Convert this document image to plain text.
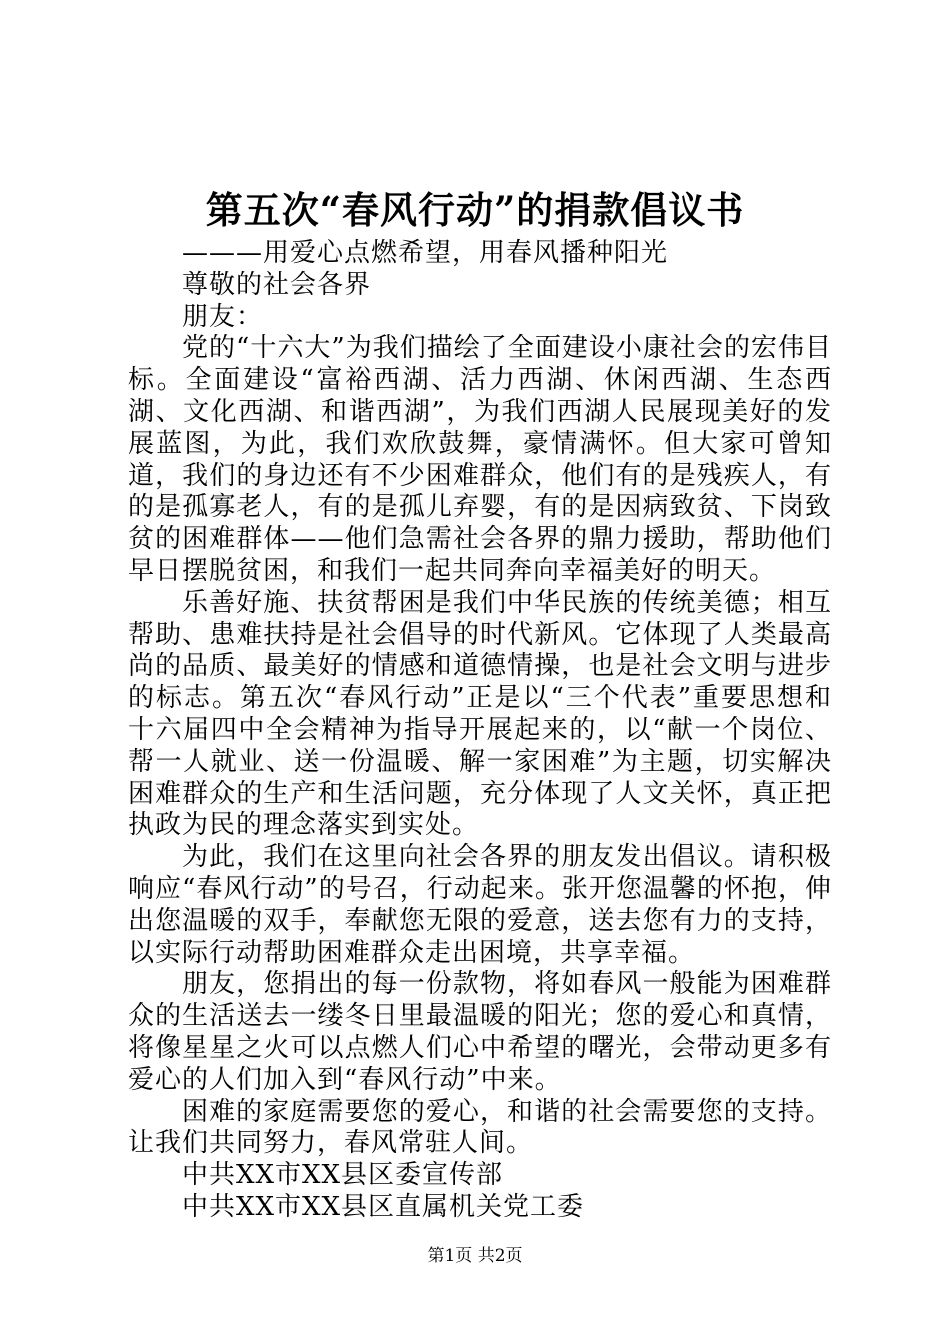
第五次“春风行动”的捐款倡议书

———用爱心点燃希望，用春风播种阳光

尊敬的社会各界

朋友：

党的“十六大”为我们描绘了全面建设小康社会的宏伟目标。全面建设“富裕西湖、活力西湖、休闲西湖、生态西湖、文化西湖、和谐西湖”，为我们西湖人民展现美好的发展蓝图，为此，我们欢欣鼓舞，豪情满怀。但大家可曾知道，我们的身边还有不少困难群众，他们有的是残疾人，有的是孤寡老人，有的是孤儿弃婴，有的是因病致贫、下岗致贫的困难群体——他们急需社会各界的鼎力援助，帮助他们早日摆脱贫困，和我们一起共同奔向幸福美好的明天。

乐善好施、扶贫帮困是我们中华民族的传统美德；相互帮助、患难扶持是社会倡导的时代新风。它体现了人类最高尚的品质、最美好的情感和道德情操，也是社会文明与进步的标志。第五次“春风行动”正是以“三个代表”重要思想和十六届四中全会精神为指导开展起来的，以“献一个岗位、帮一人就业、送一份温暖、解一家困难”为主题，切实解决困难群众的生产和生活问题，充分体现了人文关怀，真正把执政为民的理念落实到实处。

为此，我们在这里向社会各界的朋友发出倡议。请积极响应“春风行动”的号召，行动起来。张开您温馨的怀抱，伸出您温暖的双手，奉献您无限的爱意，送去您有力的支持，以实际行动帮助困难群众走出困境，共享幸福。

朋友，您捐出的每一份款物，将如春风一般能为困难群众的生活送去一缕冬日里最温暖的阳光；您的爱心和真情，将像星星之火可以点燃人们心中希望的曙光，会带动更多有爱心的人们加入到“春风行动”中来。

困难的家庭需要您的爱心，和谐的社会需要您的支持。让我们共同努力，春风常驻人间。

中共XX市XX县区委宣传部

中共XX市XX县区直属机关党工委

第1页 共2页
